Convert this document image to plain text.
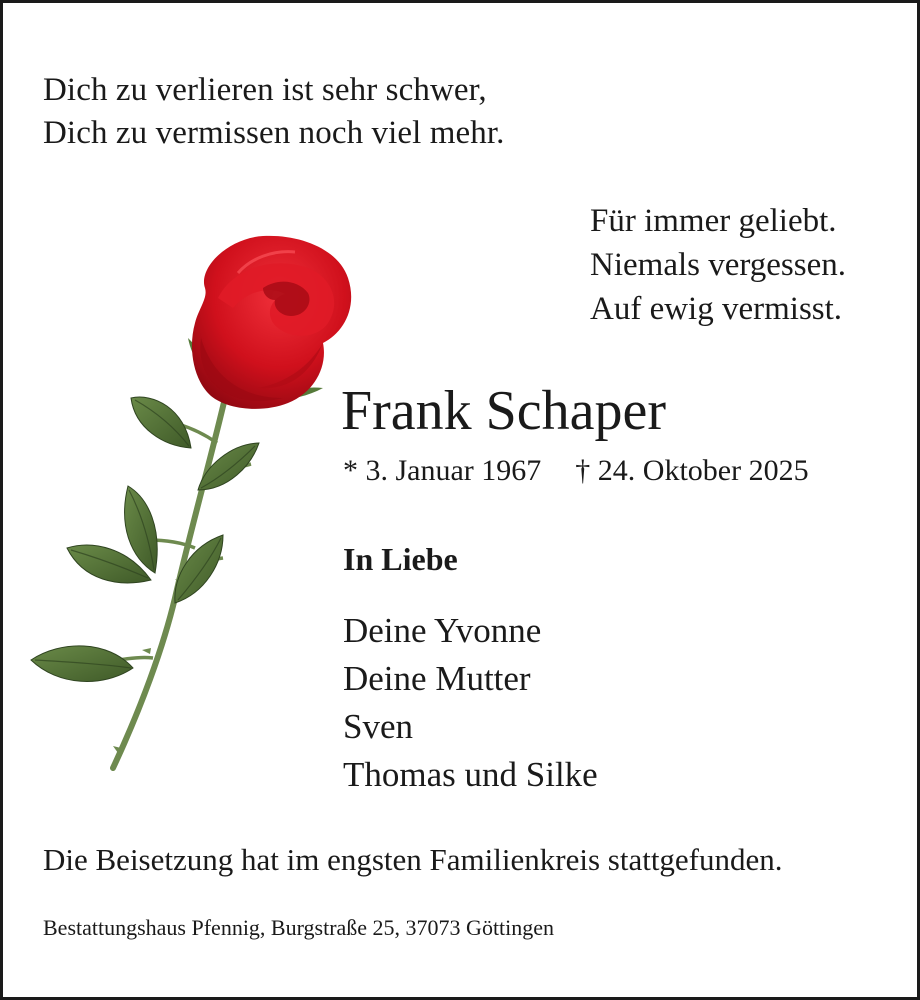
Dich zu verlieren ist sehr schwer,
Dich zu vermissen noch viel mehr.
Für immer geliebt.
Niemals vergessen.
Auf ewig vermisst.
Frank Schaper
* 3. Januar 1967 † 24. Oktober 2025
In Liebe
Deine Yvonne
Deine Mutter
Sven
Thomas und Silke
Die Beisetzung hat im engsten Familienkreis stattgefunden.
Bestattungshaus Pfennig, Burgstraße 25, 37073 Göttingen
